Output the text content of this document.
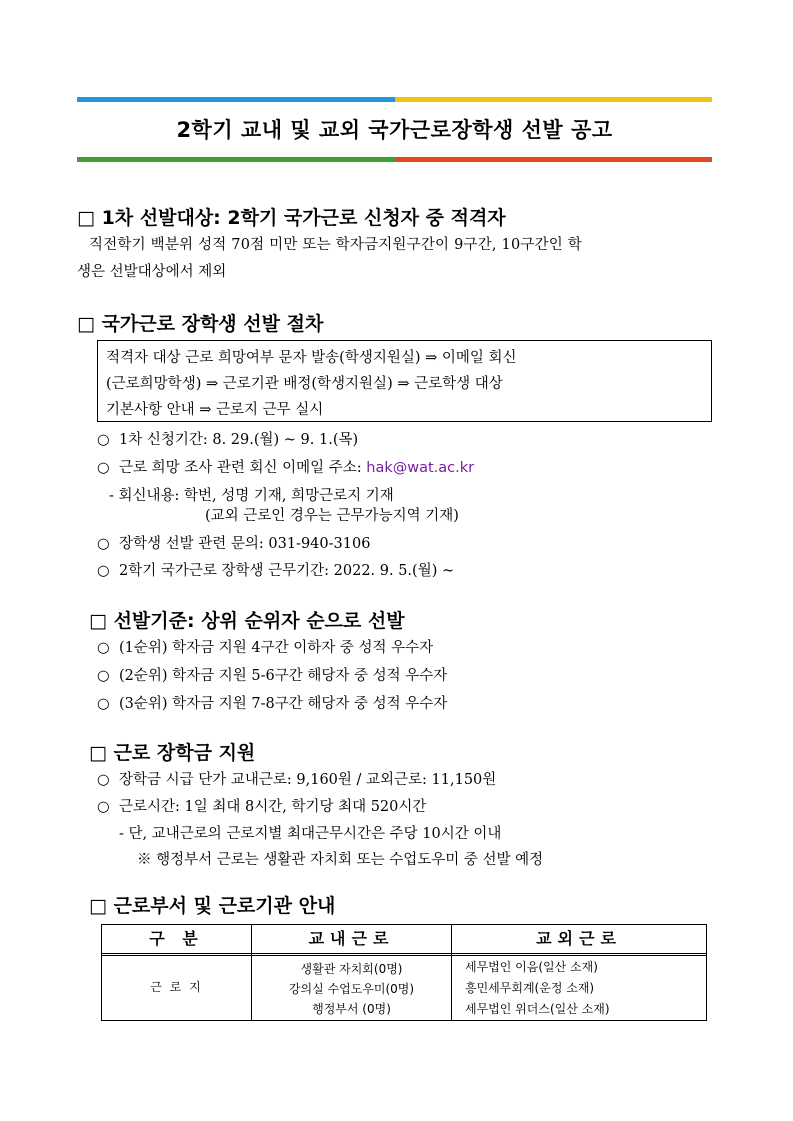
2학기 교내 및 교외 국가근로장학생 선발 공고
□ 1차 선발대상: 2학기 국가근로 신청자 중 적격자
직전학기 백분위 성적 70점 미만 또는 학자금지원구간이 9구간, 10구간인 학
생은 선발대상에서 제외
□ 국가근로 장학생 선발 절차
적격자 대상 근로 희망여부 문자 발송(학생지원실) ⇒ 이메일 회신
(근로희망학생) ⇒ 근로기관 배정(학생지원실) ⇒ 근로학생 대상
기본사항 안내 ⇒ 근로지 근무 실시
○ 1차 신청기간: 8. 29.(월) ~ 9. 1.(목)
○ 근로 희망 조사 관련 회신 이메일 주소: hak@wat.ac.kr
- 회신내용: 학번, 성명 기재, 희망근로지 기재
(교외 근로인 경우는 근무가능지역 기재)
○ 장학생 선발 관련 문의: 031-940-3106
○ 2학기 국가근로 장학생 근무기간: 2022. 9. 5.(월) ~
□ 선발기준: 상위 순위자 순으로 선발
○ (1순위) 학자금 지원 4구간 이하자 중 성적 우수자
○ (2순위) 학자금 지원 5-6구간 해당자 중 성적 우수자
○ (3순위) 학자금 지원 7-8구간 해당자 중 성적 우수자
□ 근로 장학금 지원
○ 장학금 시급 단가 교내근로: 9,160원 / 교외근로: 11,150원
○ 근로시간: 1일 최대 8시간, 학기당 최대 520시간
- 단, 교내근로의 근로지별 최대근무시간은 주당 10시간 이내
※ 행정부서 근로는 생활관 자치회 또는 수업도우미 중 선발 예정
□ 근로부서 및 근로기관 안내
구 분	교내근로	교외근로
근 로 지
생활관 자치회(0명)
강의실 수업도우미(0명)
행정부서 (0명)
세무법인 이음(일산 소재)
흥민세무회계(운정 소재)
세무법인 위더스(일산 소재)
